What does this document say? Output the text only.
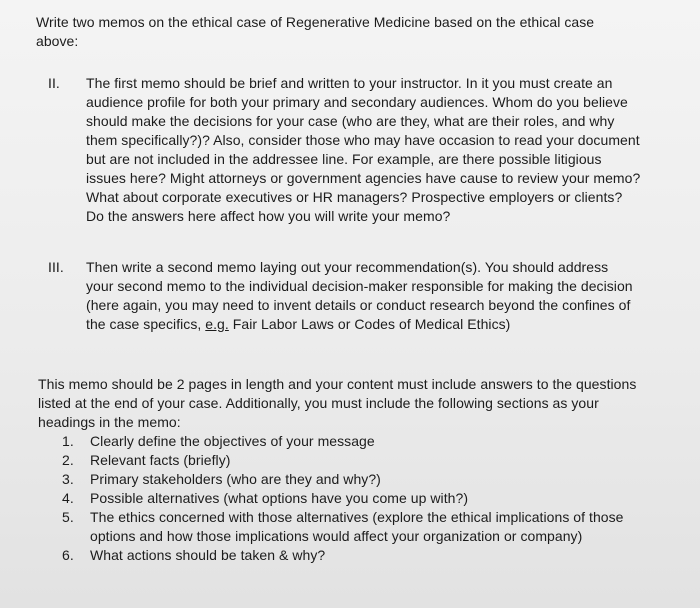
Write two memos on the ethical case of Regenerative Medicine based on the ethical case
above:
II. The first memo should be brief and written to your instructor. In it you must create an
audience profile for both your primary and secondary audiences. Whom do you believe
should make the decisions for your case (who are they, what are their roles, and why
them specifically?)? Also, consider those who may have occasion to read your document
but are not included in the addressee line. For example, are there possible litigious
issues here? Might attorneys or government agencies have cause to review your memo?
What about corporate executives or HR managers? Prospective employers or clients?
Do the answers here affect how you will write your memo?
III. Then write a second memo laying out your recommendation(s). You should address
your second memo to the individual decision-maker responsible for making the decision
(here again, you may need to invent details or conduct research beyond the confines of
the case specifics, e.g. Fair Labor Laws or Codes of Medical Ethics)
This memo should be 2 pages in length and your content must include answers to the questions
listed at the end of your case. Additionally, you must include the following sections as your
headings in the memo:
1. Clearly define the objectives of your message
2. Relevant facts (briefly)
3. Primary stakeholders (who are they and why?)
4. Possible alternatives (what options have you come up with?)
5. The ethics concerned with those alternatives (explore the ethical implications of those
options and how those implications would affect your organization or company)
6. What actions should be taken & why?
